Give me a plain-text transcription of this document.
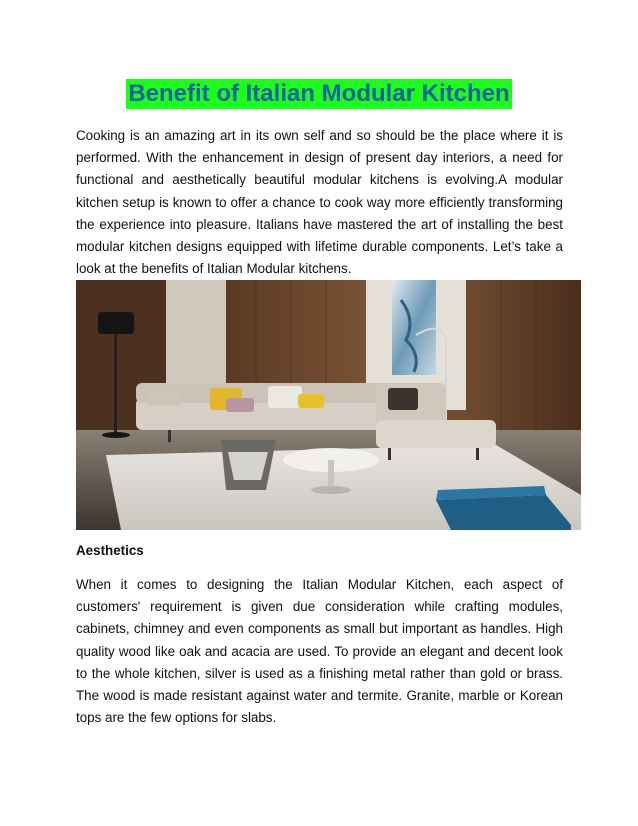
Benefit of Italian Modular Kitchen

Cooking is an amazing art in its own self and so should be the place where it is performed. With the enhancement in design of present day interiors, a need for functional and aesthetically beautiful modular kitchens is evolving.A modular kitchen setup is known to offer a chance to cook way more efficiently transforming the experience into pleasure. Italians have mastered the art of installing the best modular kitchen designs equipped with lifetime durable components. Let’s take a look at the benefits of Italian Modular kitchens.

Aesthetics

When it comes to designing the Italian Modular Kitchen, each aspect of customers' requirement is given due consideration while crafting modules, cabinets, chimney and even components as small but important as handles. High quality wood like oak and acacia are used. To provide an elegant and decent look to the whole kitchen, silver is used as a finishing metal rather than gold or brass. The wood is made resistant against water and termite. Granite, marble or Korean tops are the few options for slabs.
